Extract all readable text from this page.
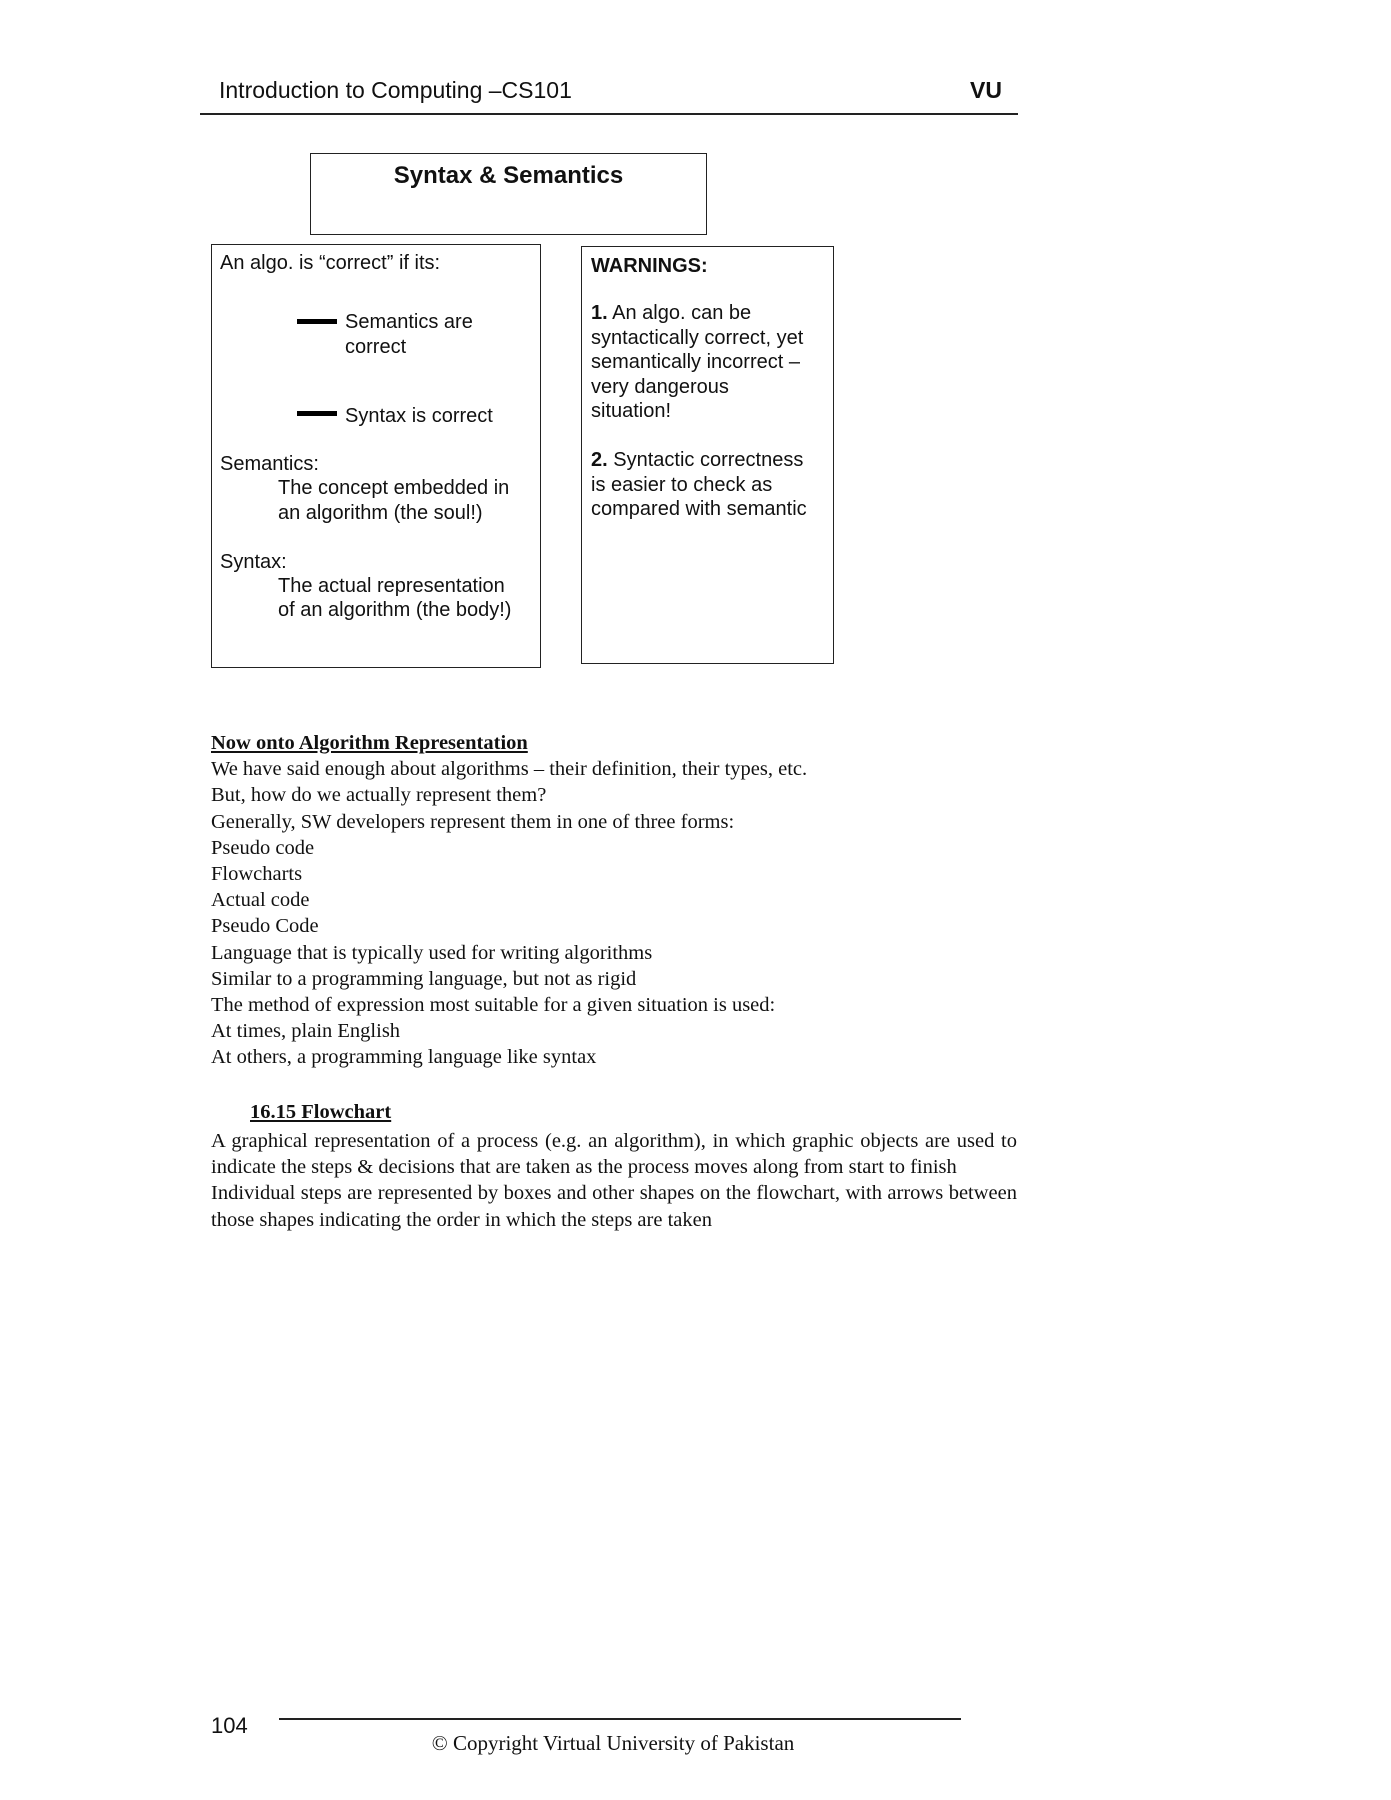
Introduction to Computing –CS101	VU
Syntax & Semantics
An algo. is “correct” if its:
Semantics are
correct
Syntax is correct
Semantics:
The concept embedded in
an algorithm (the soul!)
Syntax:
The actual representation
of an algorithm (the body!)
WARNINGS:
1. An algo. can be
syntactically correct, yet
semantically incorrect –
very dangerous
situation!
2. Syntactic correctness
is easier to check as
compared with semantic
Now onto Algorithm Representation
We have said enough about algorithms – their definition, their types, etc.
But, how do we actually represent them?
Generally, SW developers represent them in one of three forms:
Pseudo code
Flowcharts
Actual code
Pseudo Code
Language that is typically used for writing algorithms
Similar to a programming language, but not as rigid
The method of expression most suitable for a given situation is used:
At times, plain English
At others, a programming language like syntax
16.15 Flowchart
A graphical representation of a process (e.g. an algorithm), in which graphic objects are used to indicate the steps & decisions that are taken as the process moves along from start to finish
Individual steps are represented by boxes and other shapes on the flowchart, with arrows between those shapes indicating the order in which the steps are taken
104
© Copyright Virtual University of Pakistan
